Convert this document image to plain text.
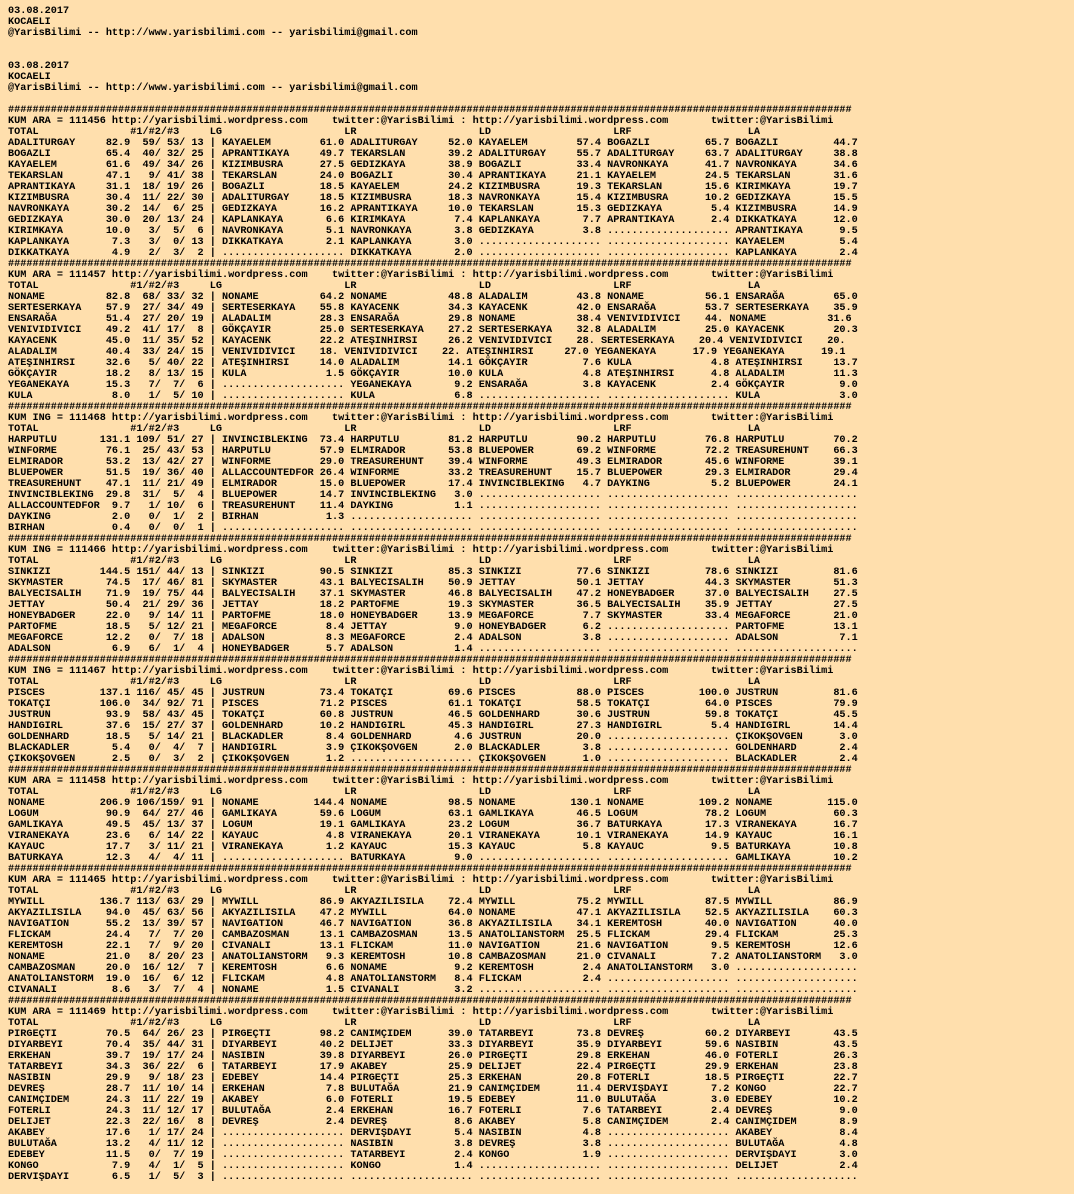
03.08.2017
KOCAELI
@YarisBilimi -- http://www.yarisbilimi.com -- yarisbilimi@gmail.com

03.08.2017
KOCAELI
@YarisBilimi -- http://www.yarisbilimi.com -- yarisbilimi@gmail.com

##########################################################################################################################################
KUM ARA = 111456 http://yarisbilimi.wordpress.com    twitter:@YarisBilimi : http://yarisbilimi.wordpress.com       twitter:@YarisBilimi
TOTAL               #1/#2/#3     LG                    LR                    LD                    LRF                   LA
ADALITURGAY     82.9  59/ 53/ 13 | KAYAELEM        61.0 ADALITURGAY     52.0 KAYAELEM        57.4 BOGAZLI         65.7 BOGAZLI         44.7
BOGAZLI         65.4  40/ 32/ 25 | APRANTIKAYA     49.7 TEKARSLAN       39.2 ADALITURGAY     55.7 ADALITURGAY     63.7 ADALITURGAY     38.8
KAYAELEM        61.6  49/ 34/ 26 | KIZIMBUSRA      27.5 GEDIZKAYA       38.9 BOGAZLI         33.4 NAVRONKAYA      41.7 NAVRONKAYA      34.6
TEKARSLAN       47.1   9/ 41/ 38 | TEKARSLAN       24.0 BOGAZLI         30.4 APRANTIKAYA     21.1 KAYAELEM        24.5 TEKARSLAN       31.6
APRANTIKAYA     31.1  18/ 19/ 26 | BOGAZLI         18.5 KAYAELEM        24.2 KIZIMBUSRA      19.3 TEKARSLAN       15.6 KIRIMKAYA       19.7
KIZIMBUSRA      30.4  11/ 22/ 30 | ADALITURGAY     18.5 KIZIMBUSRA      18.3 NAVRONKAYA      15.4 KIZIMBUSRA      10.2 GEDIZKAYA       15.5
NAVRONKAYA      30.2  14/  6/ 25 | GEDIZKAYA       16.2 APRANTIKAYA     10.0 TEKARSLAN       15.3 GEDIZKAYA        5.4 KIZIMBUSRA      14.9
GEDIZKAYA       30.0  20/ 13/ 24 | KAPLANKAYA       6.6 KIRIMKAYA        7.4 KAPLANKAYA       7.7 APRANTIKAYA      2.4 DIKKATKAYA      12.0
KIRIMKAYA       10.0   3/  5/  6 | NAVRONKAYA       5.1 NAVRONKAYA       3.8 GEDIZKAYA        3.8 .................... APRANTIKAYA      9.5
KAPLANKAYA       7.3   3/  0/ 13 | DIKKATKAYA       2.1 KAPLANKAYA       3.0 .................... .................... KAYAELEM         5.4
DIKKATKAYA       4.9   2/  3/  2 | .................... DIKKATKAYA       2.0 .................... .................... KAPLANKAYA       2.4
##########################################################################################################################################
KUM ARA = 111457 http://yarisbilimi.wordpress.com    twitter:@YarisBilimi : http://yarisbilimi.wordpress.com       twitter:@YarisBilimi
TOTAL               #1/#2/#3     LG                    LR                    LD                    LRF                   LA
NONAME          82.8  68/ 33/ 32 | NONAME          64.2 NONAME          48.8 ALADALIM        43.8 NONAME          56.1 ENSARAĞA        65.0
SERTESERKAYA    57.9  27/ 34/ 49 | SERTESERKAYA    55.8 KAYACENK        34.3 KAYACENK        42.0 ENSARAĞA        53.7 SERTESERKAYA    35.9
ENSARAĞA        51.4  27/ 20/ 19 | ALADALIM        28.3 ENSARAĞA        29.8 NONAME          38.4 VENIVIDIVICI    44. NONAME          31.6
VENIVIDIVICI    49.2  41/ 17/  8 | GÖKÇAYIR        25.0 SERTESERKAYA    27.2 SERTESERKAYA    32.8 ALADALIM        25.0 KAYACENK        20.3
KAYACENK        45.0  11/ 35/ 52 | KAYACENK        22.2 ATEŞINHIRSI     26.2 VENIVIDIVICI    28. SERTESERKAYA    20.4 VENIVIDIVICI    20.
ALADALIM        40.4  33/ 24/ 15 | VENIVIDIVICI    18. VENIVIDIVICI    22. ATEŞINHIRSI     27.0 YEGANEKAYA      17.9 YEGANEKAYA      19.1
ATEŞINHIRSI     32.6   5/ 40/ 22 | ATEŞINHIRSI     14.0 ALADALIM        14.1 GÖKÇAYIR         7.6 KULA             4.8 ATEŞINHIRSI     13.7
GÖKÇAYIR        18.2   8/ 13/ 15 | KULA             1.5 GÖKÇAYIR        10.0 KULA             4.8 ATEŞINHIRSI      4.8 ALADALIM        11.3
YEGANEKAYA      15.3   7/  7/  6 | .................... YEGANEKAYA       9.2 ENSARAĞA         3.8 KAYACENK         2.4 GÖKÇAYIR         9.0
KULA             8.0   1/  5/ 10 | .................... KULA             6.8 .................... .................... KULA             3.0
##########################################################################################################################################
KUM ING = 111468 http://yarisbilimi.wordpress.com    twitter:@YarisBilimi : http://yarisbilimi.wordpress.com       twitter:@YarisBilimi
TOTAL               #1/#2/#3     LG                    LR                    LD                    LRF                   LA
HARPUTLU       131.1 109/ 51/ 27 | INVINCIBLEKING  73.4 HARPUTLU        81.2 HARPUTLU        90.2 HARPUTLU        76.8 HARPUTLU        70.2
WINFORME        76.1  25/ 43/ 53 | HARPUTLU        57.9 ELMIRADOR       53.8 BLUEPOWER       69.2 WINFORME        72.2 TREASUREHUNT    66.3
ELMIRADOR       53.2  13/ 42/ 27 | WINFORME        29.0 TREASUREHUNT    39.4 WINFORME        49.3 ELMIRADOR       45.6 WINFORME        39.1
BLUEPOWER       51.5  19/ 36/ 40 | ALLACCOUNTEDFOR 26.4 WINFORME        33.2 TREASUREHUNT    15.7 BLUEPOWER       29.3 ELMIRADOR       29.4
TREASUREHUNT    47.1  11/ 21/ 49 | ELMIRADOR       15.0 BLUEPOWER       17.4 INVINCIBLEKING   4.7 DAYKING          5.2 BLUEPOWER       24.1
INVINCIBLEKING  29.8  31/  5/  4 | BLUEPOWER       14.7 INVINCIBLEKING   3.0 .................... .................... ....................
ALLACCOUNTEDFOR  9.7   1/ 10/  6 | TREASUREHUNT    11.4 DAYKING          1.1 .................... .................... ....................
DAYKING          2.0   0/  1/  2 | BIRHAN           1.3 .................... .................... .................... ....................
BIRHAN           0.4   0/  0/  1 | .................... .................... .................... .................... ....................
##########################################################################################################################################
KUM ING = 111466 http://yarisbilimi.wordpress.com    twitter:@YarisBilimi : http://yarisbilimi.wordpress.com       twitter:@YarisBilimi
TOTAL               #1/#2/#3     LG                    LR                    LD                    LRF                   LA
SINKIZI        144.5 151/ 44/ 13 | SINKIZI         90.5 SINKIZI         85.3 SINKIZI         77.6 SINKIZI         78.6 SINKIZI         81.6
SKYMASTER       74.5  17/ 46/ 81 | SKYMASTER       43.1 BALYECISALIH    50.9 JETTAY          50.1 JETTAY          44.3 SKYMASTER       51.3
BALYECISALIH    71.9  19/ 75/ 44 | BALYECISALIH    37.1 SKYMASTER       46.8 BALYECISALIH    47.2 HONEYBADGER     37.0 BALYECISALIH    27.5
JETTAY          50.4  21/ 29/ 36 | JETTAY          18.2 PARTOFME        19.3 SKYMASTER       36.5 BALYECISALIH    35.9 JETTAY          27.5
HONEYBADGER     22.0   9/ 14/ 11 | PARTOFME        18.0 HONEYBADGER     13.9 MEGAFORCE        7.7 SKYMASTER       33.4 MEGAFORCE       21.0
PARTOFME        18.5   5/ 12/ 21 | MEGAFORCE        8.4 JETTAY           9.0 HONEYBADGER      6.2 .................... PARTOFME        13.1
MEGAFORCE       12.2   0/  7/ 18 | ADALSON          8.3 MEGAFORCE        2.4 ADALSON          3.8 .................... ADALSON          7.1
ADALSON          6.9   6/  1/  4 | HONEYBADGER      5.7 ADALSON          1.4 .................... .................... ....................
##########################################################################################################################################
KUM ING = 111467 http://yarisbilimi.wordpress.com    twitter:@YarisBilimi : http://yarisbilimi.wordpress.com       twitter:@YarisBilimi
TOTAL               #1/#2/#3     LG                    LR                    LD                    LRF                   LA
PISCES         137.1 116/ 45/ 45 | JUSTRUN         73.4 TOKATÇI         69.6 PISCES          88.0 PISCES         100.0 JUSTRUN         81.6
TOKATÇI        106.0  34/ 92/ 71 | PISCES          71.2 PISCES          61.1 TOKATÇI         58.5 TOKATÇI         64.0 PISCES          79.9
JUSTRUN         93.9  58/ 43/ 45 | TOKATÇI         60.8 JUSTRUN         46.5 GOLDENHARD      30.6 JUSTRUN         59.8 TOKATÇI         45.5
HANDIGIRL       37.6  15/ 27/ 37 | GOLDENHARD      10.2 HANDIGIRL       45.3 HANDIGIRL       27.3 HANDIGIRL        5.4 HANDIGIRL       14.4
GOLDENHARD      18.5   5/ 14/ 21 | BLACKADLER       8.4 GOLDENHARD       4.6 JUSTRUN         20.0 .................... ÇIKOKŞOVGEN      3.0
BLACKADLER       5.4   0/  4/  7 | HANDIGIRL        3.9 ÇIKOKŞOVGEN      2.0 BLACKADLER       3.8 .................... GOLDENHARD       2.4
ÇIKOKŞOVGEN      2.5   0/  3/  2 | ÇIKOKŞOVGEN      1.2 .................... ÇIKOKŞOVGEN      1.0 .................... BLACKADLER       2.4
##########################################################################################################################################
KUM ARA = 111458 http://yarisbilimi.wordpress.com    twitter:@YarisBilimi : http://yarisbilimi.wordpress.com       twitter:@YarisBilimi
TOTAL               #1/#2/#3     LG                    LR                    LD                    LRF                   LA
NONAME         206.9 106/159/ 91 | NONAME         144.4 NONAME          98.5 NONAME         130.1 NONAME         109.2 NONAME         115.0
LOGUM           90.9  64/ 27/ 46 | GAMLIKAYA       59.6 LOGUM           63.1 GAMLIKAYA       46.5 LOGUM           78.2 LOGUM           60.3
GAMLIKAYA       49.5  45/ 13/ 37 | LOGUM           19.1 GAMLIKAYA       23.2 LOGUM           36.7 BATURKAYA       17.3 VIRANEKAYA      16.7
VIRANEKAYA      23.6   6/ 14/ 22 | KAYAUC           4.8 VIRANEKAYA      20.1 VIRANEKAYA      10.1 VIRANEKAYA      14.9 KAYAUC          16.1
KAYAUC          17.7   3/ 11/ 21 | VIRANEKAYA       1.2 KAYAUC          15.3 KAYAUC           5.8 KAYAUC           9.5 BATURKAYA       10.8
BATURKAYA       12.3   4/  4/ 11 | .................... BATURKAYA        9.0 .................... .................... GAMLIKAYA       10.2
##########################################################################################################################################
KUM ARA = 111465 http://yarisbilimi.wordpress.com    twitter:@YarisBilimi : http://yarisbilimi.wordpress.com       twitter:@YarisBilimi
TOTAL               #1/#2/#3     LG                    LR                    LD                    LRF                   LA
MYWILL         136.7 113/ 63/ 29 | MYWILL          86.9 AKYAZILISILA    72.4 MYWILL          75.2 MYWILL          87.5 MYWILL          86.9
AKYAZILISILA    94.0  45/ 63/ 56 | AKYAZILISILA    47.2 MYWILL          64.0 NONAME          47.1 AKYAZILISILA    52.5 AKYAZILISILA    60.3
NAVIGATION      55.2  13/ 39/ 57 | NAVIGATION      46.7 NAVIGATION      36.8 AKYAZILISILA    34.1 KEREMTOSH       40.0 NAVIGATION      40.0
FLICKAM         24.4   7/  7/ 20 | CAMBAZOSMAN     13.1 CAMBAZOSMAN     13.5 ANATOLIANSTORM  25.5 FLICKAM         29.4 FLICKAM         25.3
KEREMTOSH       22.1   7/  9/ 20 | CIVANALI        13.1 FLICKAM         11.0 NAVIGATION      21.6 NAVIGATION       9.5 KEREMTOSH       12.6
NONAME          21.0   8/ 20/ 23 | ANATOLIANSTORM   9.3 KEREMTOSH       10.8 CAMBAZOSMAN     21.0 CIVANALI         7.2 ANATOLIANSTORM   3.0
CAMBAZOSMAN     20.0  16/ 12/  7 | KEREMTOSH        6.6 NONAME           9.2 KEREMTOSH        2.4 ANATOLIANSTORM   3.0 ....................
ANATOLIANSTORM  19.0  16/  6/ 12 | FLICKAM          4.8 ANATOLIANSTORM   8.4 FLICKAM          2.4 .................... ....................
CIVANALI         8.6   3/  7/  4 | NONAME           1.5 CIVANALI         3.2 .................... .................... ....................
##########################################################################################################################################
KUM ARA = 111469 http://yarisbilimi.wordpress.com    twitter:@YarisBilimi : http://yarisbilimi.wordpress.com       twitter:@YarisBilimi
TOTAL               #1/#2/#3     LG                    LR                    LD                    LRF                   LA
PIRGEÇTI        70.5  64/ 26/ 23 | PIRGEÇTI        98.2 CANIMÇIDEM      39.0 TATARBEYI       73.8 DEVREŞ          60.2 DIYARBEYI       43.5
DIYARBEYI       70.4  35/ 44/ 31 | DIYARBEYI       40.2 DELIJET         33.3 DIYARBEYI       35.9 DIYARBEYI       59.6 NASIBIN         43.5
ERKEHAN         39.7  19/ 17/ 24 | NASIBIN         39.8 DIYARBEYI       26.0 PIRGEÇTI        29.8 ERKEHAN         46.0 FOTERLI         26.3
TATARBEYI       34.3  36/ 22/  6 | TATARBEYI       17.9 AKABEY          25.9 DELIJET         22.4 PIRGEÇTI        29.9 ERKEHAN         23.8
NASIBIN         29.9   9/ 18/ 23 | EDEBEY          14.4 PIRGEÇTI        25.3 ERKEHAN         20.8 FOTERLI         18.5 PIRGEÇTI        22.7
DEVREŞ          28.7  11/ 10/ 14 | ERKEHAN          7.8 BULUTAĞA        21.9 CANIMÇIDEM      11.4 DERVIŞDAYI       7.2 KONGO           22.7
CANIMÇIDEM      24.3  11/ 22/ 19 | AKABEY           6.0 FOTERLI         19.5 EDEBEY          11.0 BULUTAĞA         3.0 EDEBEY          10.2
FOTERLI         24.3  11/ 12/ 17 | BULUTAĞA         2.4 ERKEHAN         16.7 FOTERLI          7.6 TATARBEYI        2.4 DEVREŞ           9.0
DELIJET         22.3  22/ 16/  8 | DEVREŞ           2.4 DEVREŞ           8.6 AKABEY           5.8 CANIMÇIDEM       2.4 CANIMÇIDEM       8.9
AKABEY          17.6   1/ 17/ 24 | .................... DERVIŞDAYI       5.4 NASIBIN          4.8 .................... AKABEY           8.4
BULUTAĞA        13.2   4/ 11/ 12 | .................... NASIBIN          3.8 DEVREŞ           3.8 .................... BULUTAĞA         4.8
EDEBEY          11.5   0/  7/ 19 | .................... TATARBEYI        2.4 KONGO            1.9 .................... DERVIŞDAYI       3.0
KONGO            7.9   4/  1/  5 | .................... KONGO            1.4 .................... .................... DELIJET          2.4
DERVIŞDAYI       6.5   1/  5/  3 | .................... .................... .................... .................... ....................
